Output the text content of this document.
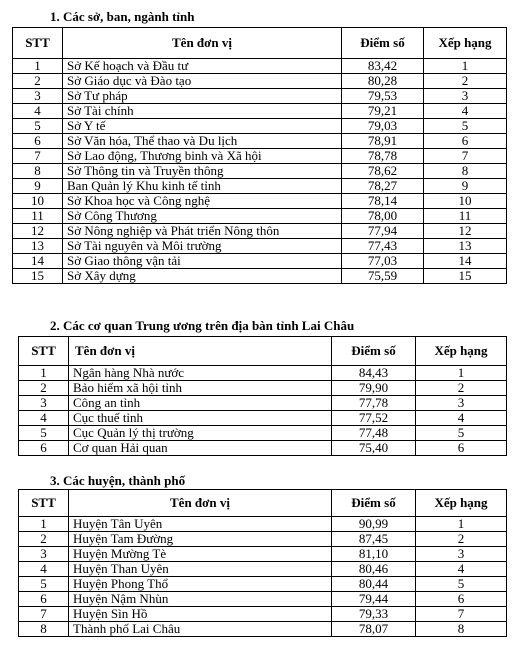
1. Các sở, ban, ngành tỉnh
STT	Tên đơn vị	Điểm số	Xếp hạng
1	Sở Kế hoạch và Đầu tư	83,42	1
2	Sở Giáo dục và Đào tạo	80,28	2
3	Sở Tư pháp	79,53	3
4	Sở Tài chính	79,21	4
5	Sở Y tế	79,03	5
6	Sở Văn hóa, Thể thao và Du lịch	78,91	6
7	Sở Lao động, Thương binh và Xã hội	78,78	7
8	Sở Thông tin và Truyền thông	78,62	8
9	Ban Quản lý Khu kinh tế tỉnh	78,27	9
10	Sở Khoa học và Công nghệ	78,14	10
11	Sở Công Thương	78,00	11
12	Sở Nông nghiệp và Phát triển Nông thôn	77,94	12
13	Sở Tài nguyên và Môi trường	77,43	13
14	Sở Giao thông vận tải	77,03	14
15	Sở Xây dựng	75,59	15
2. Các cơ quan Trung ương trên địa bàn tỉnh Lai Châu
STT	Tên đơn vị	Điểm số	Xếp hạng
1	Ngân hàng Nhà nước	84,43	1
2	Bảo hiểm xã hội tỉnh	79,90	2
3	Công an tỉnh	77,78	3
4	Cục thuế tỉnh	77,52	4
5	Cục Quản lý thị trường	77,48	5
6	Cơ quan Hải quan	75,40	6
3. Các huyện, thành phố
STT	Tên đơn vị	Điểm số	Xếp hạng
1	Huyện Tân Uyên	90,99	1
2	Huyện Tam Đường	87,45	2
3	Huyện Mường Tè	81,10	3
4	Huyện Than Uyên	80,46	4
5	Huyện Phong Thổ	80,44	5
6	Huyện Nậm Nhùn	79,44	6
7	Huyện Sìn Hồ	79,33	7
8	Thành phố Lai Châu	78,07	8
